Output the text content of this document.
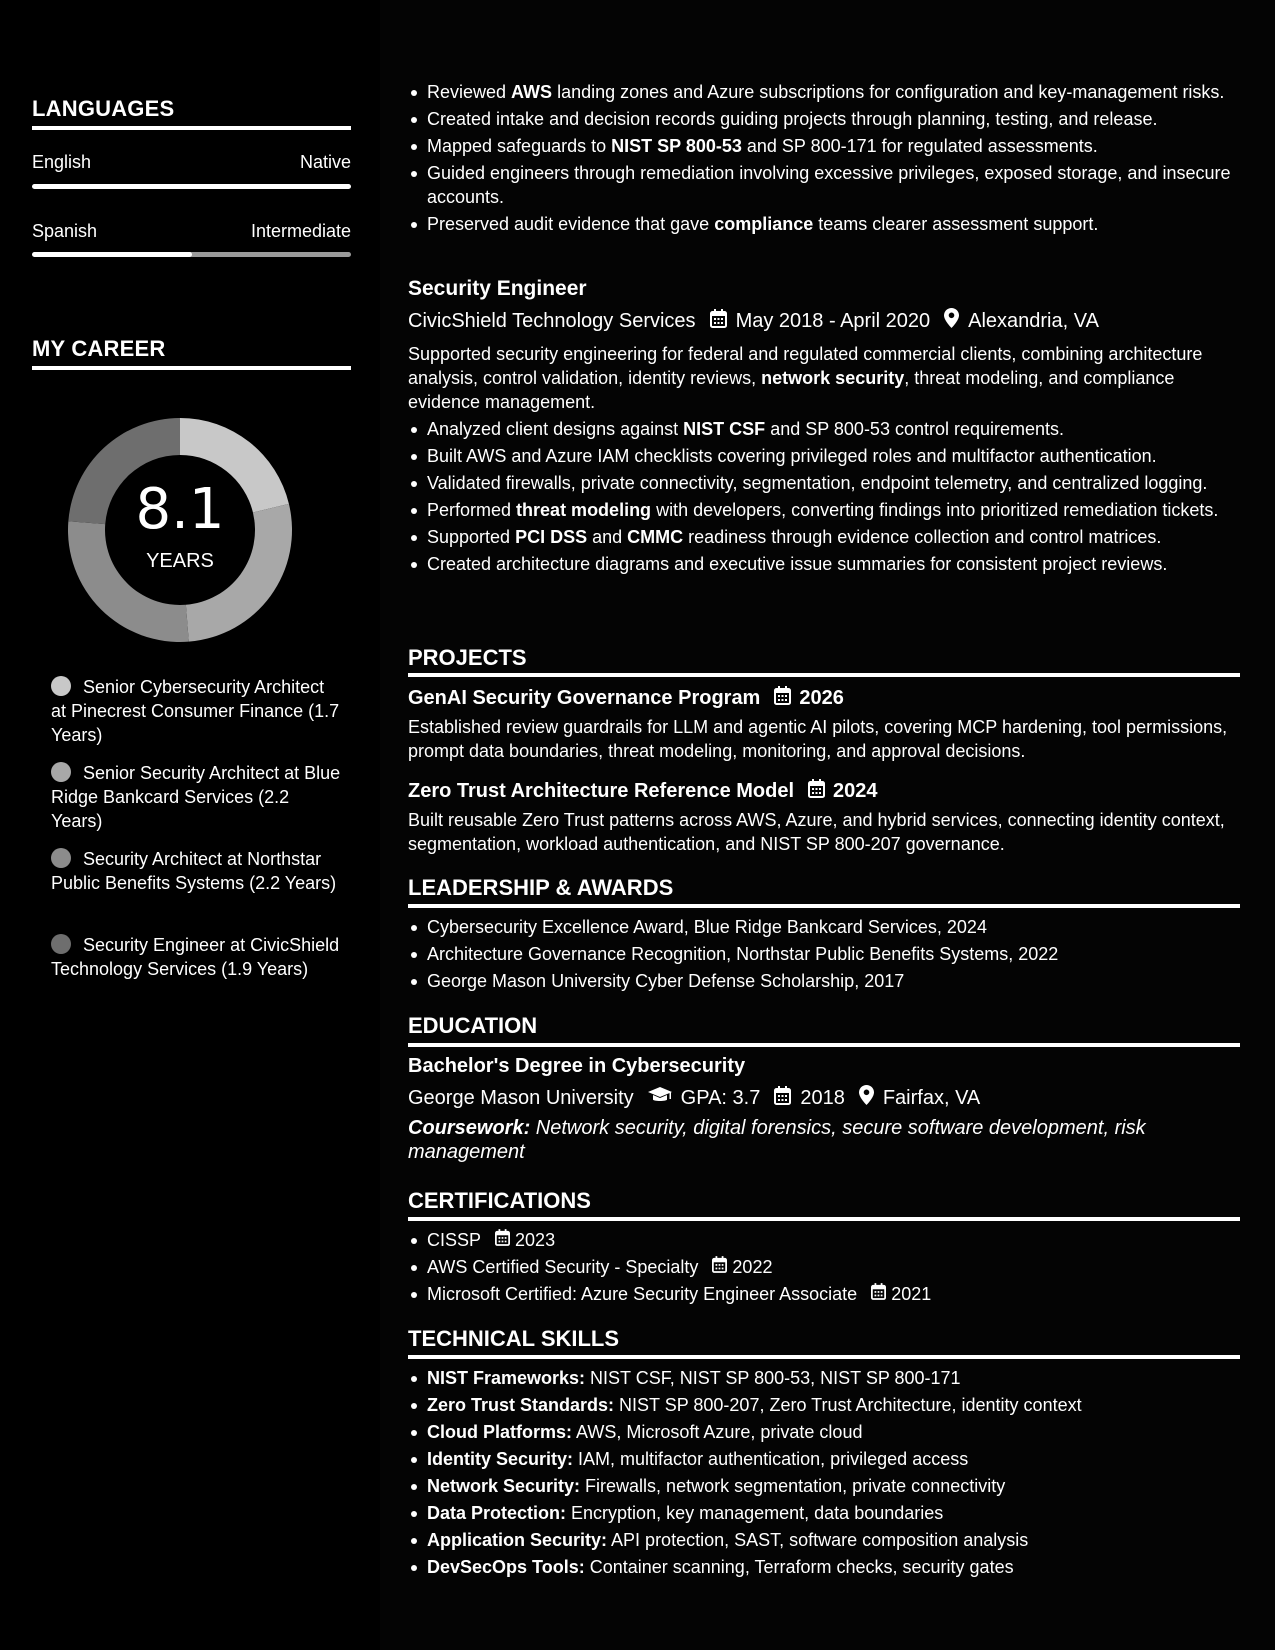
LANGUAGES
English	Native
Spanish	Intermediate
MY CAREER
8.1
YEARS
Senior Cybersecurity Architect at Pinecrest Consumer Finance (1.7 Years)
Senior Security Architect at Blue Ridge Bankcard Services (2.2 Years)
Security Architect at Northstar Public Benefits Systems (2.2 Years)
Security Engineer at CivicShield Technology Services (1.9 Years)
Reviewed AWS landing zones and Azure subscriptions for configuration and key-management risks.
Created intake and decision records guiding projects through planning, testing, and release.
Mapped safeguards to NIST SP 800-53 and SP 800-171 for regulated assessments.
Guided engineers through remediation involving excessive privileges, exposed storage, and insecure accounts.
Preserved audit evidence that gave compliance teams clearer assessment support.
Security Engineer
CivicShield Technology Services May 2018 - April 2020 Alexandria, VA
Supported security engineering for federal and regulated commercial clients, combining architecture analysis, control validation, identity reviews, network security, threat modeling, and compliance evidence management.
Analyzed client designs against NIST CSF and SP 800-53 control requirements.
Built AWS and Azure IAM checklists covering privileged roles and multifactor authentication.
Validated firewalls, private connectivity, segmentation, endpoint telemetry, and centralized logging.
Performed threat modeling with developers, converting findings into prioritized remediation tickets.
Supported PCI DSS and CMMC readiness through evidence collection and control matrices.
Created architecture diagrams and executive issue summaries for consistent project reviews.
PROJECTS
GenAI Security Governance Program 2026
Established review guardrails for LLM and agentic AI pilots, covering MCP hardening, tool permissions, prompt data boundaries, threat modeling, monitoring, and approval decisions.
Zero Trust Architecture Reference Model 2024
Built reusable Zero Trust patterns across AWS, Azure, and hybrid services, connecting identity context, segmentation, workload authentication, and NIST SP 800-207 governance.
LEADERSHIP & AWARDS
Cybersecurity Excellence Award, Blue Ridge Bankcard Services, 2024
Architecture Governance Recognition, Northstar Public Benefits Systems, 2022
George Mason University Cyber Defense Scholarship, 2017
EDUCATION
Bachelor's Degree in Cybersecurity
George Mason University GPA: 3.7 2018 Fairfax, VA
Coursework: Network security, digital forensics, secure software development, risk management
CERTIFICATIONS
CISSP 2023
AWS Certified Security - Specialty 2022
Microsoft Certified: Azure Security Engineer Associate 2021
TECHNICAL SKILLS
NIST Frameworks: NIST CSF, NIST SP 800-53, NIST SP 800-171
Zero Trust Standards: NIST SP 800-207, Zero Trust Architecture, identity context
Cloud Platforms: AWS, Microsoft Azure, private cloud
Identity Security: IAM, multifactor authentication, privileged access
Network Security: Firewalls, network segmentation, private connectivity
Data Protection: Encryption, key management, data boundaries
Application Security: API protection, SAST, software composition analysis
DevSecOps Tools: Container scanning, Terraform checks, security gates
